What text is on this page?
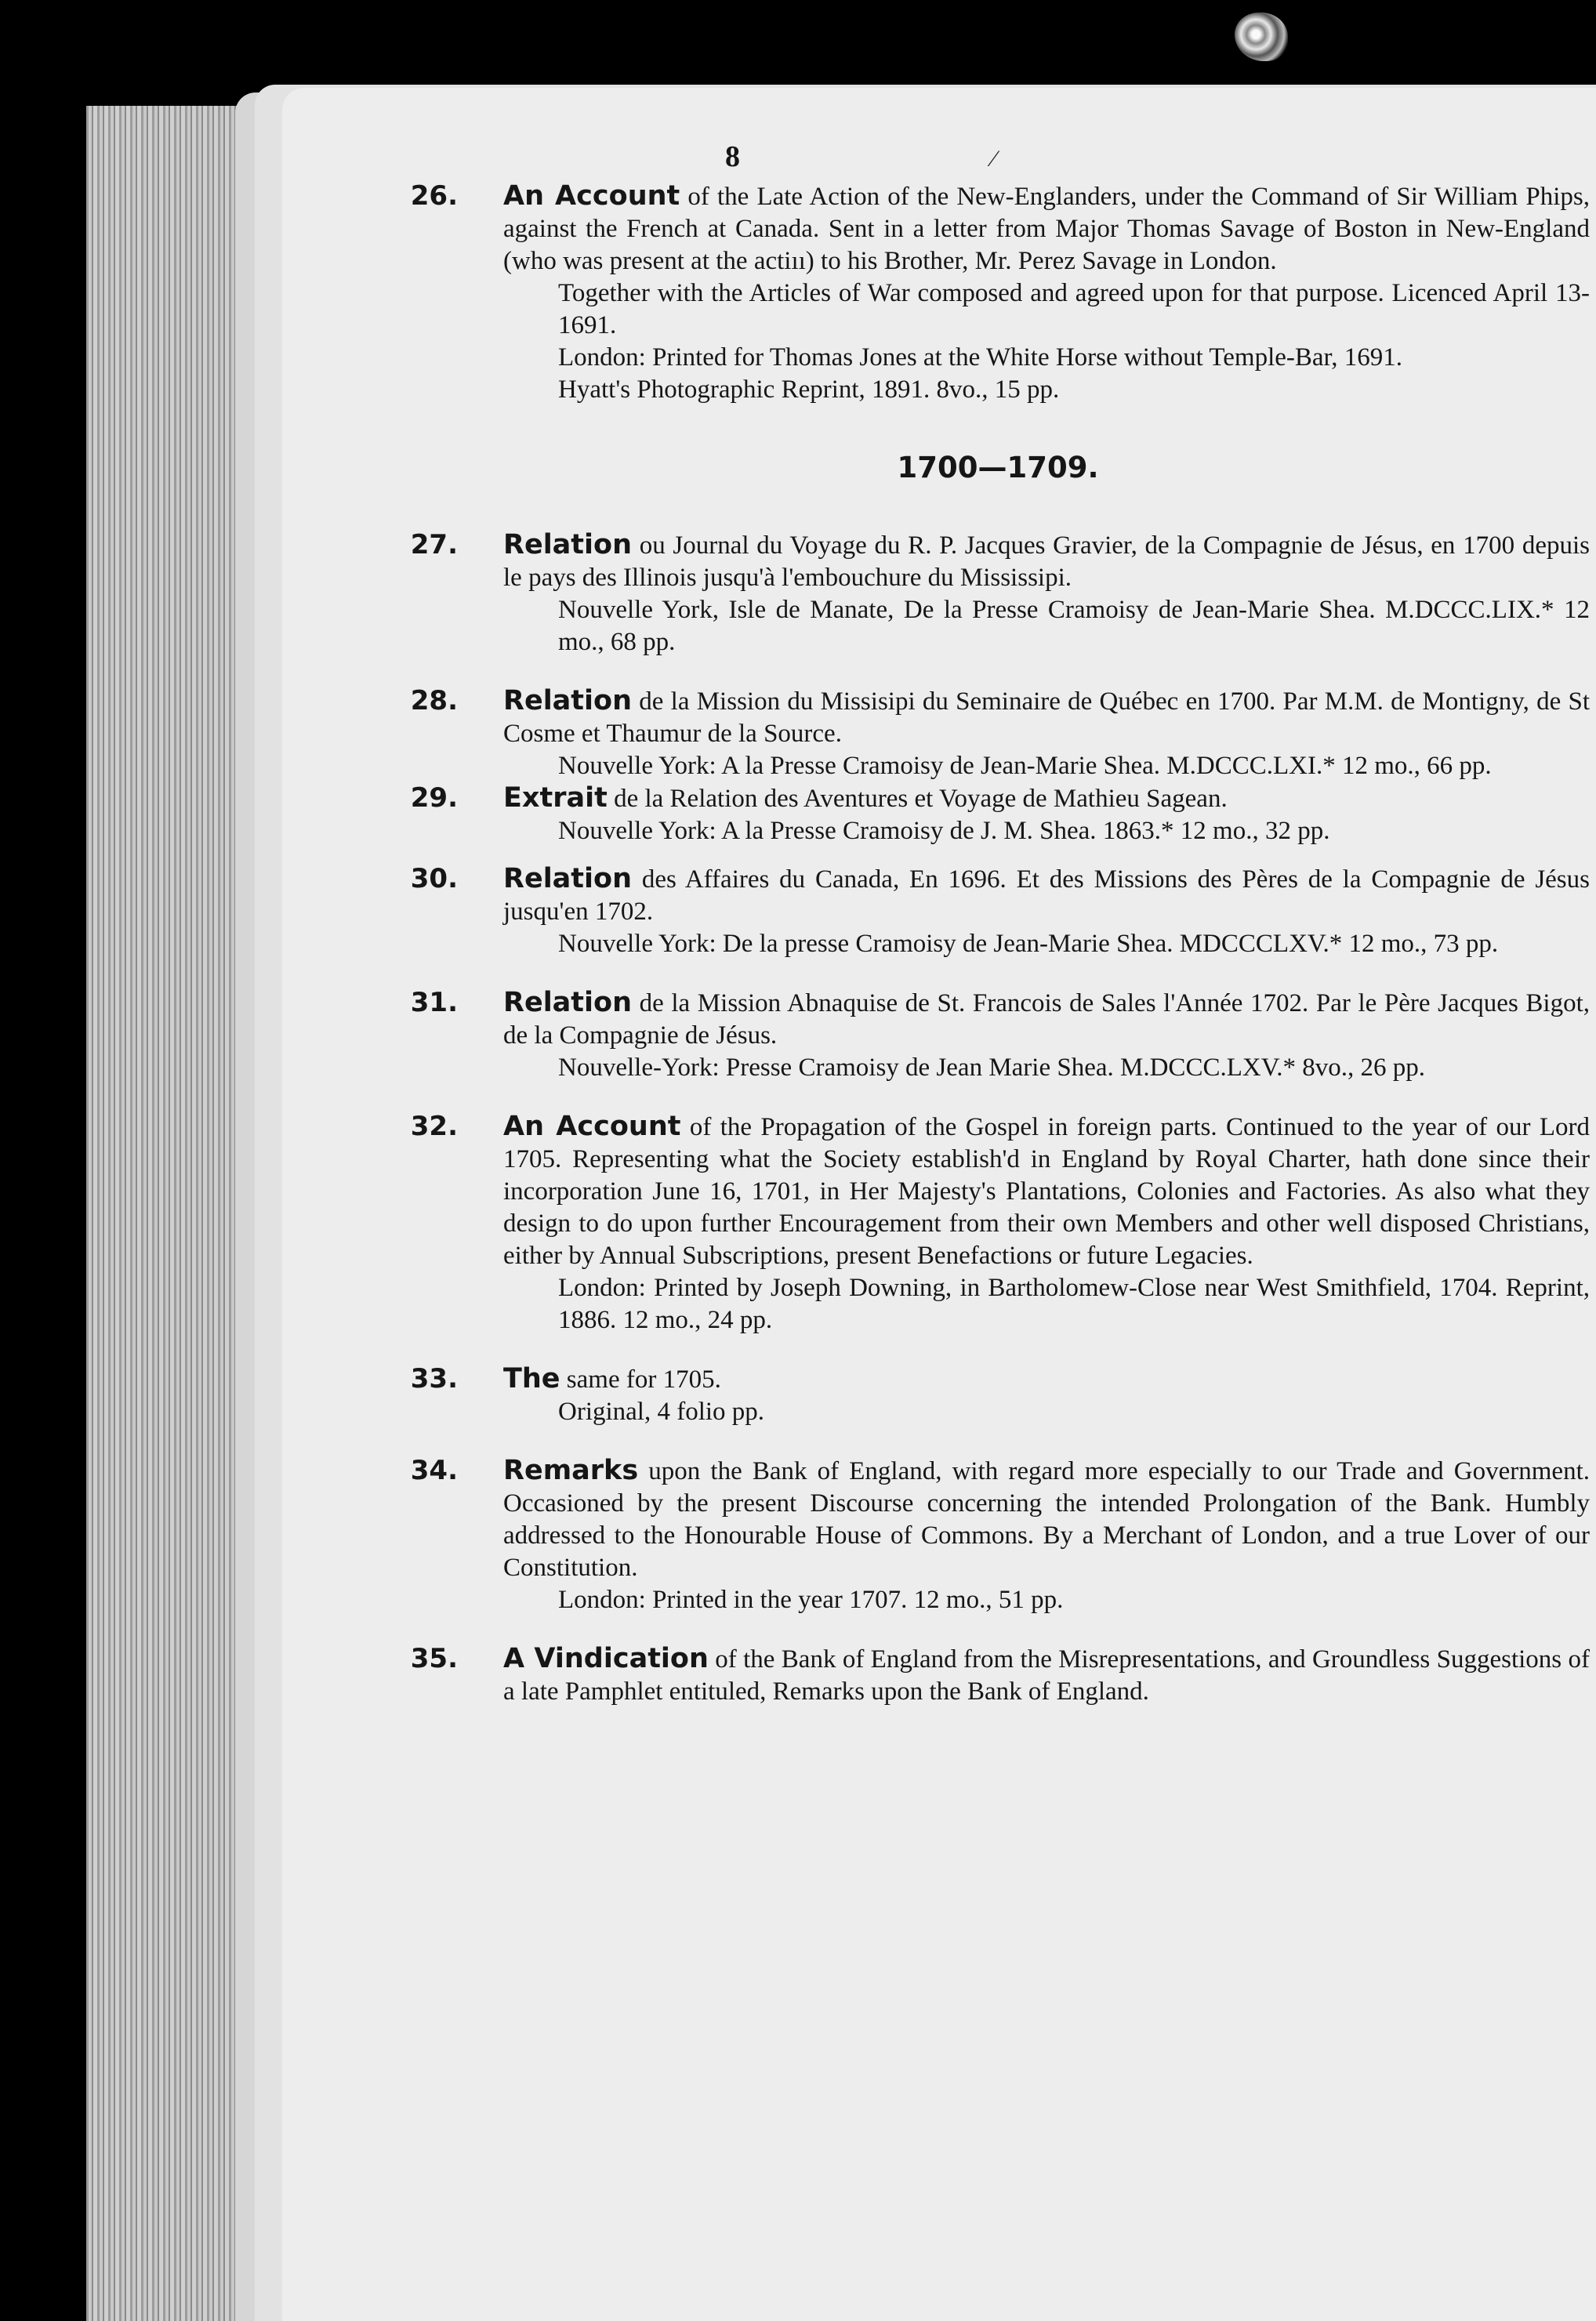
8	⁄
26. An Account of the Late Action of the New-Englanders, under the Command of Sir William Phips, against the French at Canada. Sent in a letter from Major Thomas Savage of Boston in New-England (who was present at the actiıı) to his Brother, Mr. Perez Savage in London.
Together with the Articles of War composed and agreed upon for that purpose. Licenced April 13-1691.
London: Printed for Thomas Jones at the White Horse without Temple-Bar, 1691.
Hyatt's Photographic Reprint, 1891. 8vo., 15 pp.
1700—1709.
27. Relation ou Journal du Voyage du R. P. Jacques Gravier, de la Compagnie de Jésus, en 1700 depuis le pays des Illinois jusqu'à l'embouchure du Mississipi.
Nouvelle York, Isle de Manate, De la Presse Cramoisy de Jean-Marie Shea. M.DCCC.LIX.* 12 mo., 68 pp.
28. Relation de la Mission du Missisipi du Seminaire de Québec en 1700. Par M.M. de Montigny, de St Cosme et Thaumur de la Source.
Nouvelle York: A la Presse Cramoisy de Jean-Marie Shea. M.DCCC.LXI.* 12 mo., 66 pp.
29. Extrait de la Relation des Aventures et Voyage de Mathieu Sagean.
Nouvelle York: A la Presse Cramoisy de J. M. Shea. 1863.* 12 mo., 32 pp.
30. Relation des Affaires du Canada, En 1696. Et des Missions des Pères de la Compagnie de Jésus jusqu'en 1702.
Nouvelle York: De la presse Cramoisy de Jean-Marie Shea. MDCCCLXV.* 12 mo., 73 pp.
31. Relation de la Mission Abnaquise de St. Francois de Sales l'Année 1702. Par le Père Jacques Bigot, de la Compagnie de Jésus.
Nouvelle-York: Presse Cramoisy de Jean Marie Shea. M.DCCC.LXV.* 8vo., 26 pp.
32. An Account of the Propagation of the Gospel in foreign parts. Continued to the year of our Lord 1705. Representing what the Society establish'd in England by Royal Charter, hath done since their incorporation June 16, 1701, in Her Majesty's Plantations, Colonies and Factories. As also what they design to do upon further Encouragement from their own Members and other well disposed Christians, either by Annual Subscriptions, present Benefactions or future Legacies.
London: Printed by Joseph Downing, in Bartholomew-Close near West Smithfield, 1704. Reprint, 1886. 12 mo., 24 pp.
33. The same for 1705.
Original, 4 folio pp.
34. Remarks upon the Bank of England, with regard more especially to our Trade and Government. Occasioned by the present Discourse concerning the intended Prolongation of the Bank. Humbly addressed to the Honourable House of Commons. By a Merchant of London, and a true Lover of our Constitution.
London: Printed in the year 1707. 12 mo., 51 pp.
35. A Vindication of the Bank of England from the Misrepresentations, and Groundless Suggestions of a late Pamphlet entituled, Remarks upon the Bank of England.
